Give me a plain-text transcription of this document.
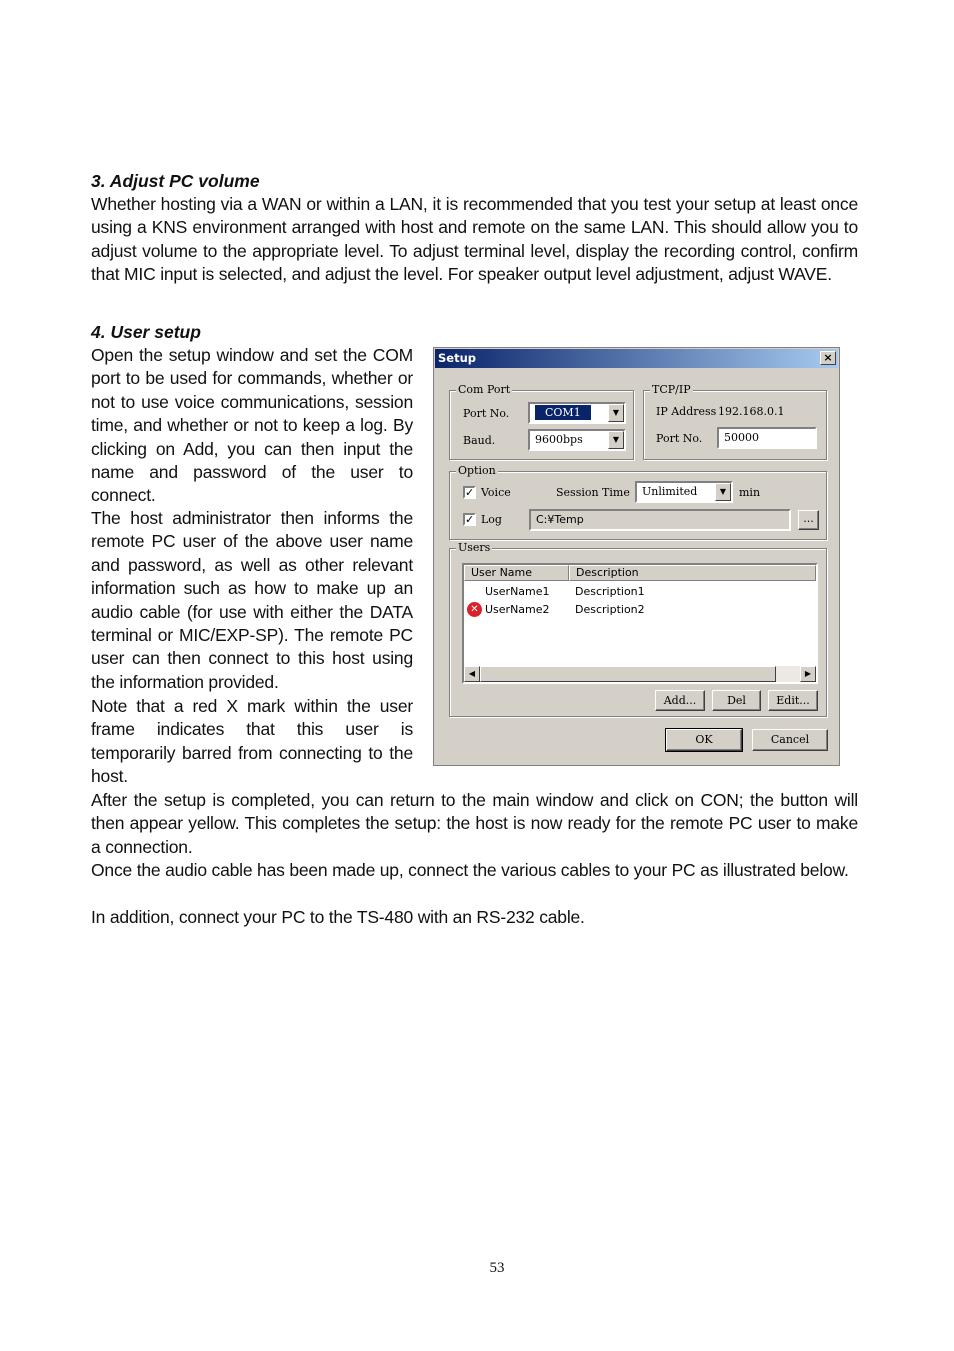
3. Adjust PC volume

Whether hosting via a WAN or within a LAN, it is recommended that you test your setup at least once using a KNS environment arranged with host and remote on the same LAN. This should allow you to adjust volume to the appropriate level. To adjust terminal level, display the recording control, confirm that MIC input is selected, and adjust the level. For speaker output level adjustment, adjust WAVE.

4. User setup

Open the setup window and set the COM port to be used for commands, whether or not to use voice communications, session time, and whether or not to keep a log. By clicking on Add, you can then input the name and password of the user to connect.

The host administrator then informs the remote PC user of the above user name and password, as well as other relevant information such as how to make up an audio cable (for use with either the DATA terminal or MIC/EXP-SP). The remote PC user can then connect to this host using the information provided.

Note that a red X mark within the user frame indicates that this user is temporarily barred from connecting to the host.

After the setup is completed, you can return to the main window and click on CON; the button will then appear yellow. This completes the setup: the host is now ready for the remote PC user to make a connection.

Once the audio cable has been made up, connect the various cables to your PC as illustrated below.

In addition, connect your PC to the TS-480 with an RS-232 cable.

Setup	×
Com Port
Port No.	COM1	▼
Baud.	9600bps	▼
TCP/IP
IP Address 192.168.0.1
Port No.	50000
Option
✓ Voice	Session Time	Unlimited	▼	min
✓ Log	C:¥Temp	...
Users
User Name	Description
UserName1 Description1
✕ UserName2 Description2
◀	▶
Add...	Del	Edit...
OK	Cancel
53
